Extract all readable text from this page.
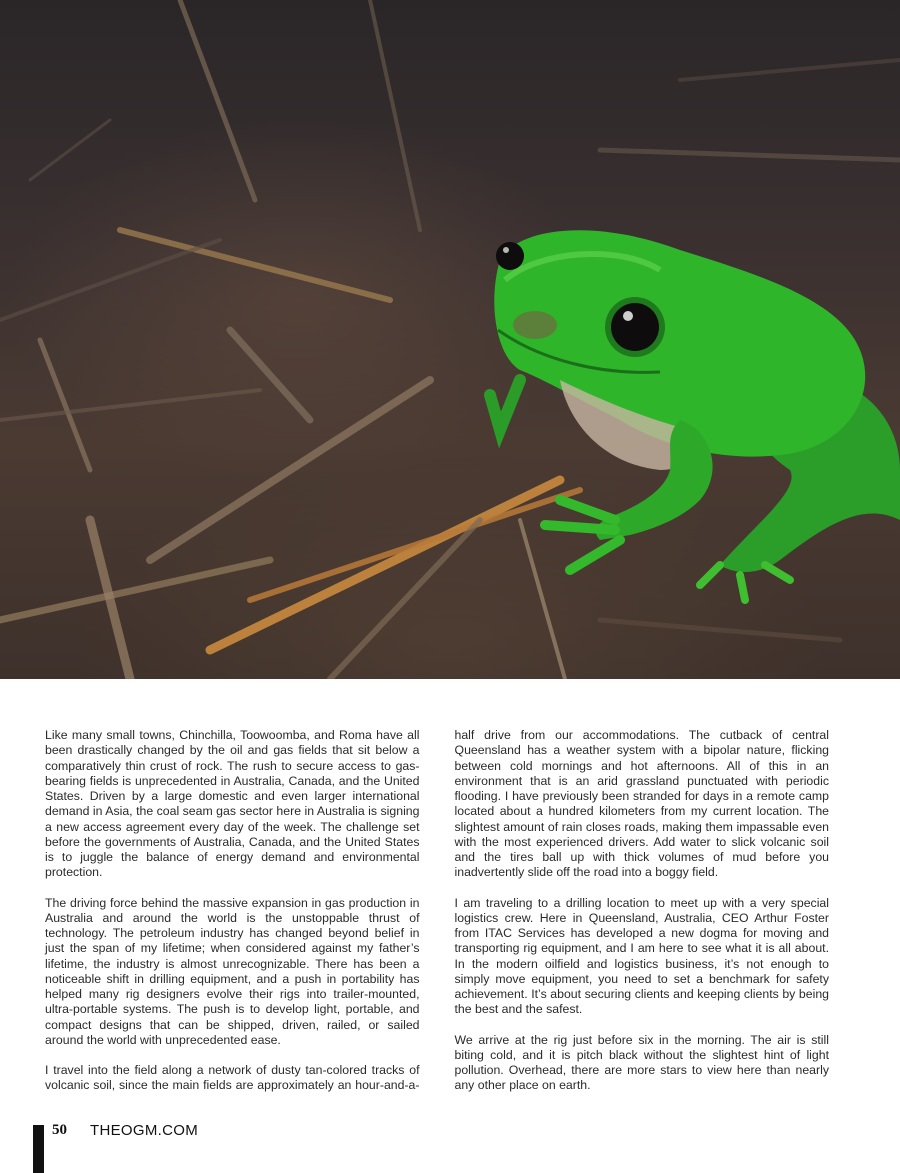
Like many small towns, Chinchilla, Toowoomba, and Roma have all been drastically changed by the oil and gas fields that sit below a comparatively thin crust of rock. The rush to secure access to gas-bearing fields is unprecedented in Australia, Canada, and the United States. Driven by a large domestic and even larger international demand in Asia, the coal seam gas sector here in Australia is signing a new access agreement every day of the week. The challenge set before the governments of Australia, Canada, and the United States is to juggle the balance of energy demand and environmental protection.

The driving force behind the massive expansion in gas production in Australia and around the world is the unstoppable thrust of technology. The petroleum industry has changed beyond belief in just the span of my lifetime; when considered against my father’s lifetime, the industry is almost unrecognizable. There has been a noticeable shift in drilling equipment, and a push in portability has helped many rig designers evolve their rigs into trailer-mounted, ultra-portable systems. The push is to develop light, portable, and compact designs that can be shipped, driven, railed, or sailed around the world with unprecedented ease.

I travel into the field along a network of dusty tan-colored tracks of volcanic soil, since the main fields are approximately an hour-and-a-half drive from our accommodations. The cutback of central Queensland has a weather system with a bipolar nature, flicking between cold mornings and hot afternoons. All of this in an environment that is an arid grassland punctuated with periodic flooding. I have previously been stranded for days in a remote camp located about a hundred kilometers from my current location. The slightest amount of rain closes roads, making them impassable even with the most experienced drivers. Add water to slick volcanic soil and the tires ball up with thick volumes of mud before you inadvertently slide off the road into a boggy field.

I am traveling to a drilling location to meet up with a very special logistics crew. Here in Queensland, Australia, CEO Arthur Foster from ITAC Services has developed a new dogma for moving and transporting rig equipment, and I am here to see what it is all about. In the modern oilfield and logistics business, it’s not enough to simply move equipment, you need to set a benchmark for safety achievement. It’s about securing clients and keeping clients by being the best and the safest.

We arrive at the rig just before six in the morning. The air is still biting cold, and it is pitch black without the slightest hint of light pollution. Overhead, there are more stars to view here than nearly any other place on earth.

50 THEOGM.COM
